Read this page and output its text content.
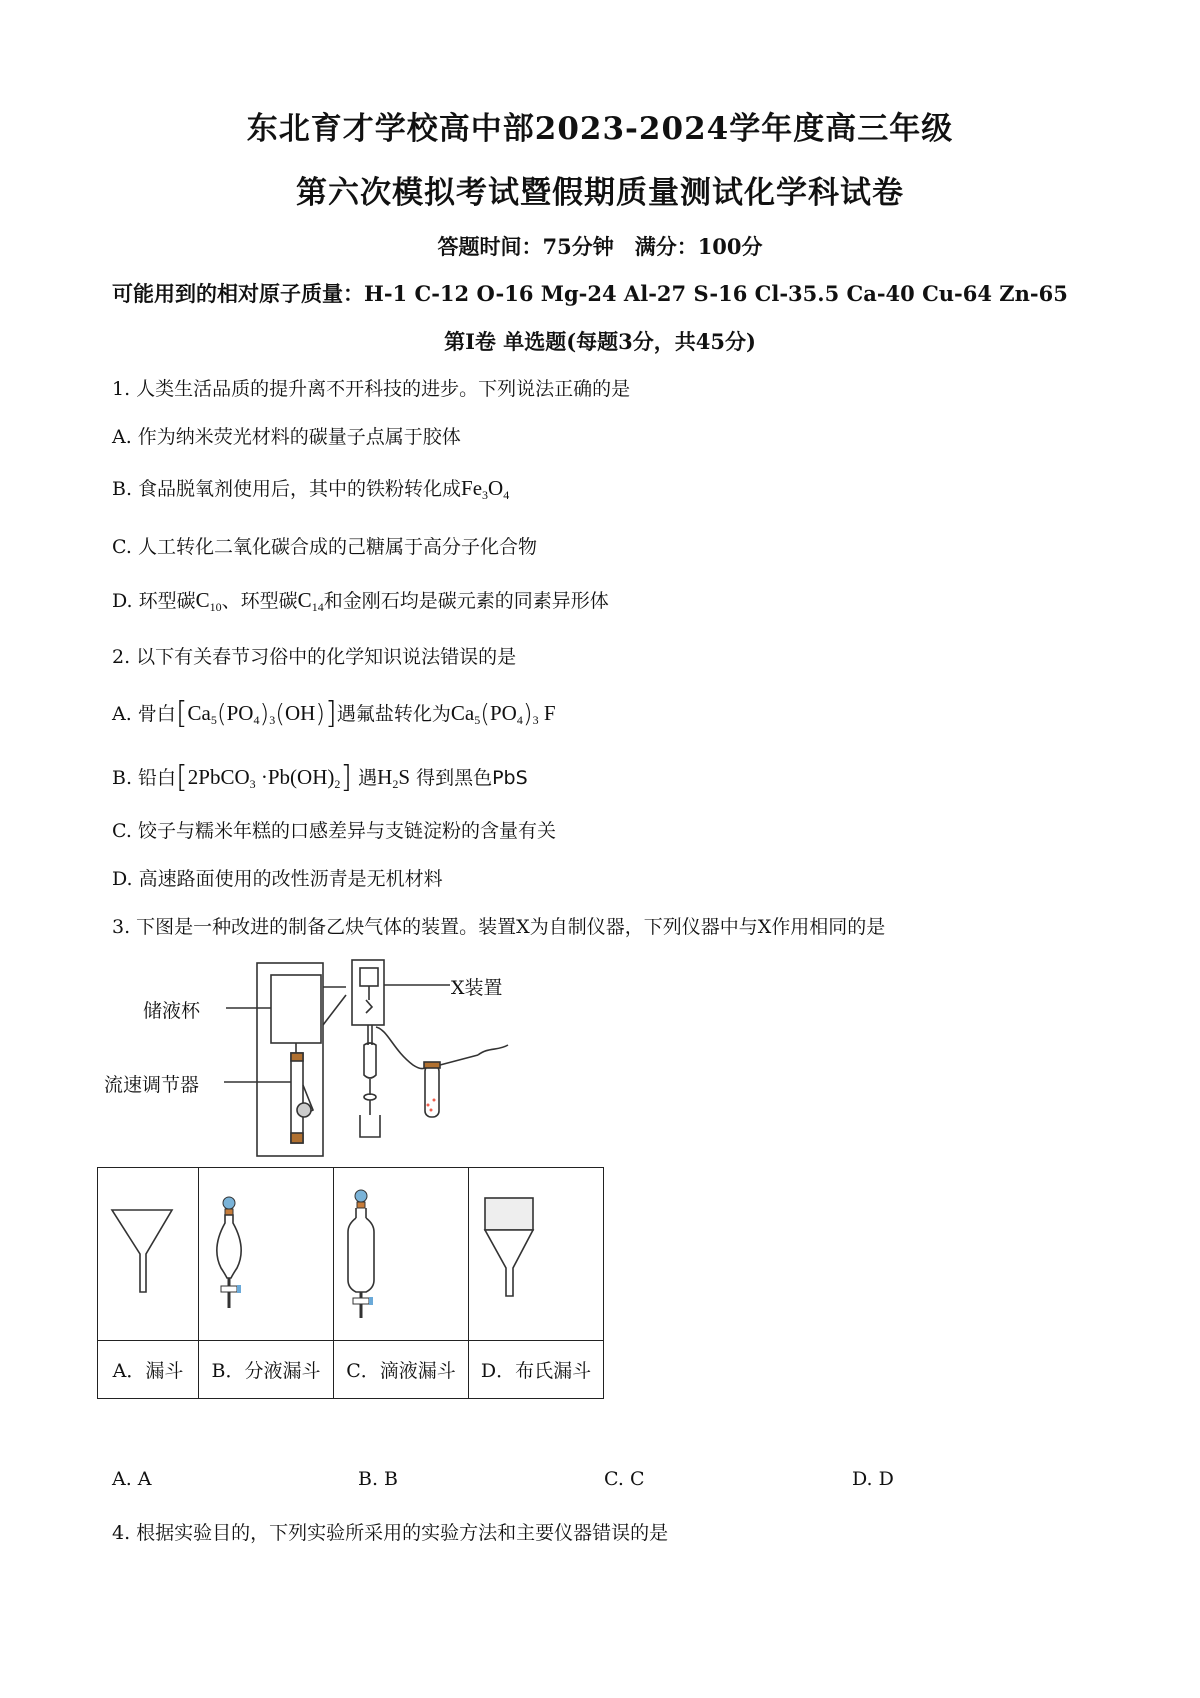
东北育才学校高中部2023-2024学年度高三年级
第六次模拟考试暨假期质量测试化学科试卷
答题时间：75分钟　满分：100分
可能用到的相对原子质量：H-1 C-12 O-16 Mg-24 Al-27 S-16 Cl-35.5 Ca-40 Cu-64 Zn-65
第Ⅰ卷 单选题(每题3分，共45分)
1. 人类生活品质的提升离不开科技的进步。下列说法正确的是
A. 作为纳米荧光材料的碳量子点属于胶体
B. 食品脱氧剂使用后，其中的铁粉转化成$Fe_3O_4$
C. 人工转化二氧化碳合成的己糖属于高分子化合物
D. 环型碳$C_{10}$、环型碳$C_{14}$和金刚石均是碳元素的同素异形体
2. 以下有关春节习俗中的化学知识说法错误的是
A. 骨白$[Ca_5(PO_4)_3(OH)]$遇氟盐转化为$Ca_5(PO_4)_3$ F
B. 铅白[2PbCO$_3$ $\cdot Pb(OH)_2$] 遇$H_2S$ 得到黑色PbS
C. 饺子与糯米年糕的口感差异与支链淀粉的含量有关
D. 高速路面使用的改性沥青是无机材料
3. 下图是一种改进的制备乙炔气体的装置。装置X为自制仪器，下列仪器中与X作用相同的是
储液杯
流速调节器
X装置

A．漏斗	B．分液漏斗	C．滴液漏斗	D．布氏漏斗
A. A	B. B	C. C	D. D
4. 根据实验目的，下列实验所采用的实验方法和主要仪器错误的是
